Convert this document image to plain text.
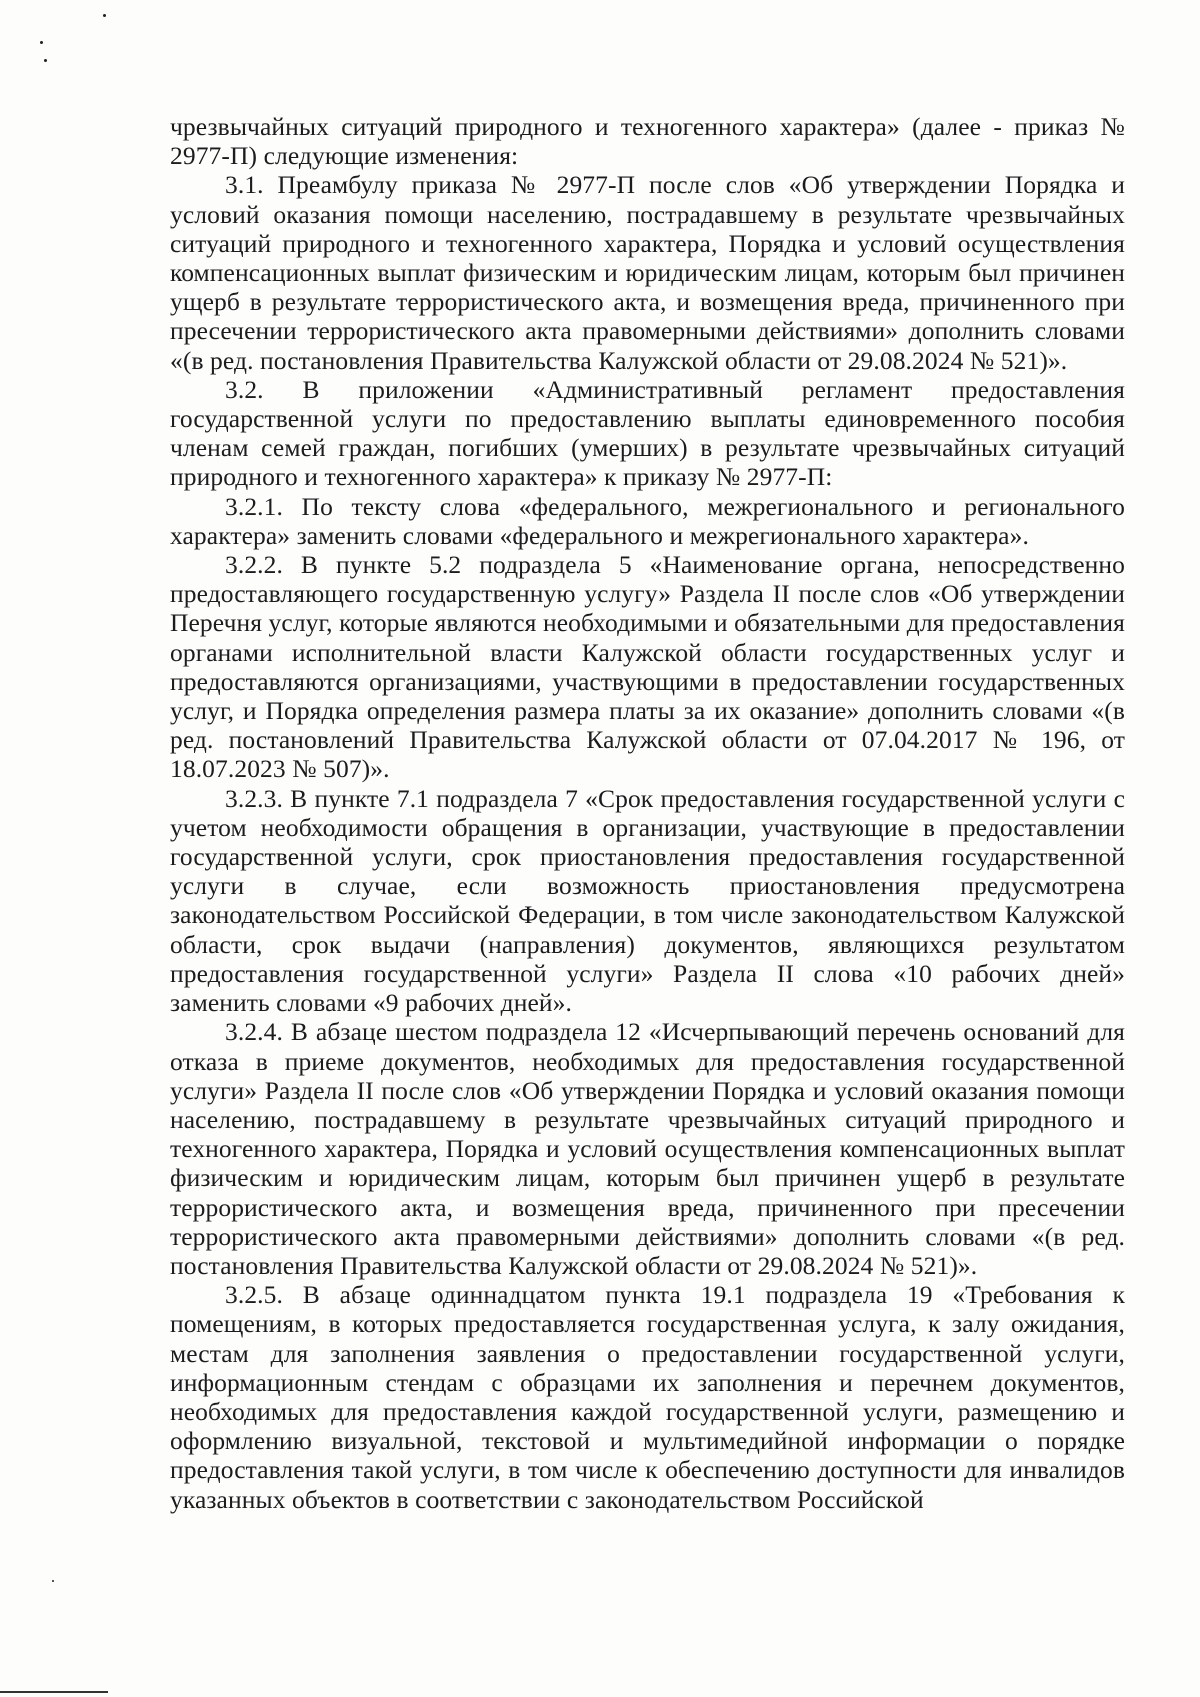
чрезвычайных ситуаций природного и техногенного характера» (далее - приказ № 2977-П) следующие изменения:

3.1. Преамбулу приказа № 2977-П после слов «Об утверждении Порядка и условий оказания помощи населению, пострадавшему в результате чрезвычайных ситуаций природного и техногенного характера, Порядка и условий осуществления компенсационных выплат физическим и юридическим лицам, которым был причинен ущерб в результате террористического акта, и возмещения вреда, причиненного при пресечении террористического акта правомерными действиями» дополнить словами «(в ред. постановления Правительства Калужской области от 29.08.2024 № 521)».

3.2. В приложении «Административный регламент предоставления государственной услуги по предоставлению выплаты единовременного пособия членам семей граждан, погибших (умерших) в результате чрезвычайных ситуаций природного и техногенного характера» к приказу № 2977-П:

3.2.1. По тексту слова «федерального, межрегионального и регионального характера» заменить словами «федерального и межрегионального характера».

3.2.2. В пункте 5.2 подраздела 5 «Наименование органа, непосредственно предоставляющего государственную услугу» Раздела II после слов «Об утверждении Перечня услуг, которые являются необходимыми и обязательными для предоставления органами исполнительной власти Калужской области государственных услуг и предоставляются организациями, участвующими в предоставлении государственных услуг, и Порядка определения размера платы за их оказание» дополнить словами «(в ред. постановлений Правительства Калужской области от 07.04.2017 № 196, от 18.07.2023 № 507)».

3.2.3. В пункте 7.1 подраздела 7 «Срок предоставления государственной услуги с учетом необходимости обращения в организации, участвующие в предоставлении государственной услуги, срок приостановления предоставления государственной услуги в случае, если возможность приостановления предусмотрена законодательством Российской Федерации, в том числе законодательством Калужской области, срок выдачи (направления) документов, являющихся результатом предоставления государственной услуги» Раздела II слова «10 рабочих дней» заменить словами «9 рабочих дней».

3.2.4. В абзаце шестом подраздела 12 «Исчерпывающий перечень оснований для отказа в приеме документов, необходимых для предоставления государственной услуги» Раздела II после слов «Об утверждении Порядка и условий оказания помощи населению, пострадавшему в результате чрезвычайных ситуаций природного и техногенного характера, Порядка и условий осуществления компенсационных выплат физическим и юридическим лицам, которым был причинен ущерб в результате террористического акта, и возмещения вреда, причиненного при пресечении террористического акта правомерными действиями» дополнить словами «(в ред. постановления Правительства Калужской области от 29.08.2024 № 521)».

3.2.5. В абзаце одиннадцатом пункта 19.1 подраздела 19 «Требования к помещениям, в которых предоставляется государственная услуга, к залу ожидания, местам для заполнения заявления о предоставлении государственной услуги, информационным стендам с образцами их заполнения и перечнем документов, необходимых для предоставления каждой государственной услуги, размещению и оформлению визуальной, текстовой и мультимедийной информации о порядке предоставления такой услуги, в том числе к обеспечению доступности для инвалидов указанных объектов в соответствии с законодательством Российской
